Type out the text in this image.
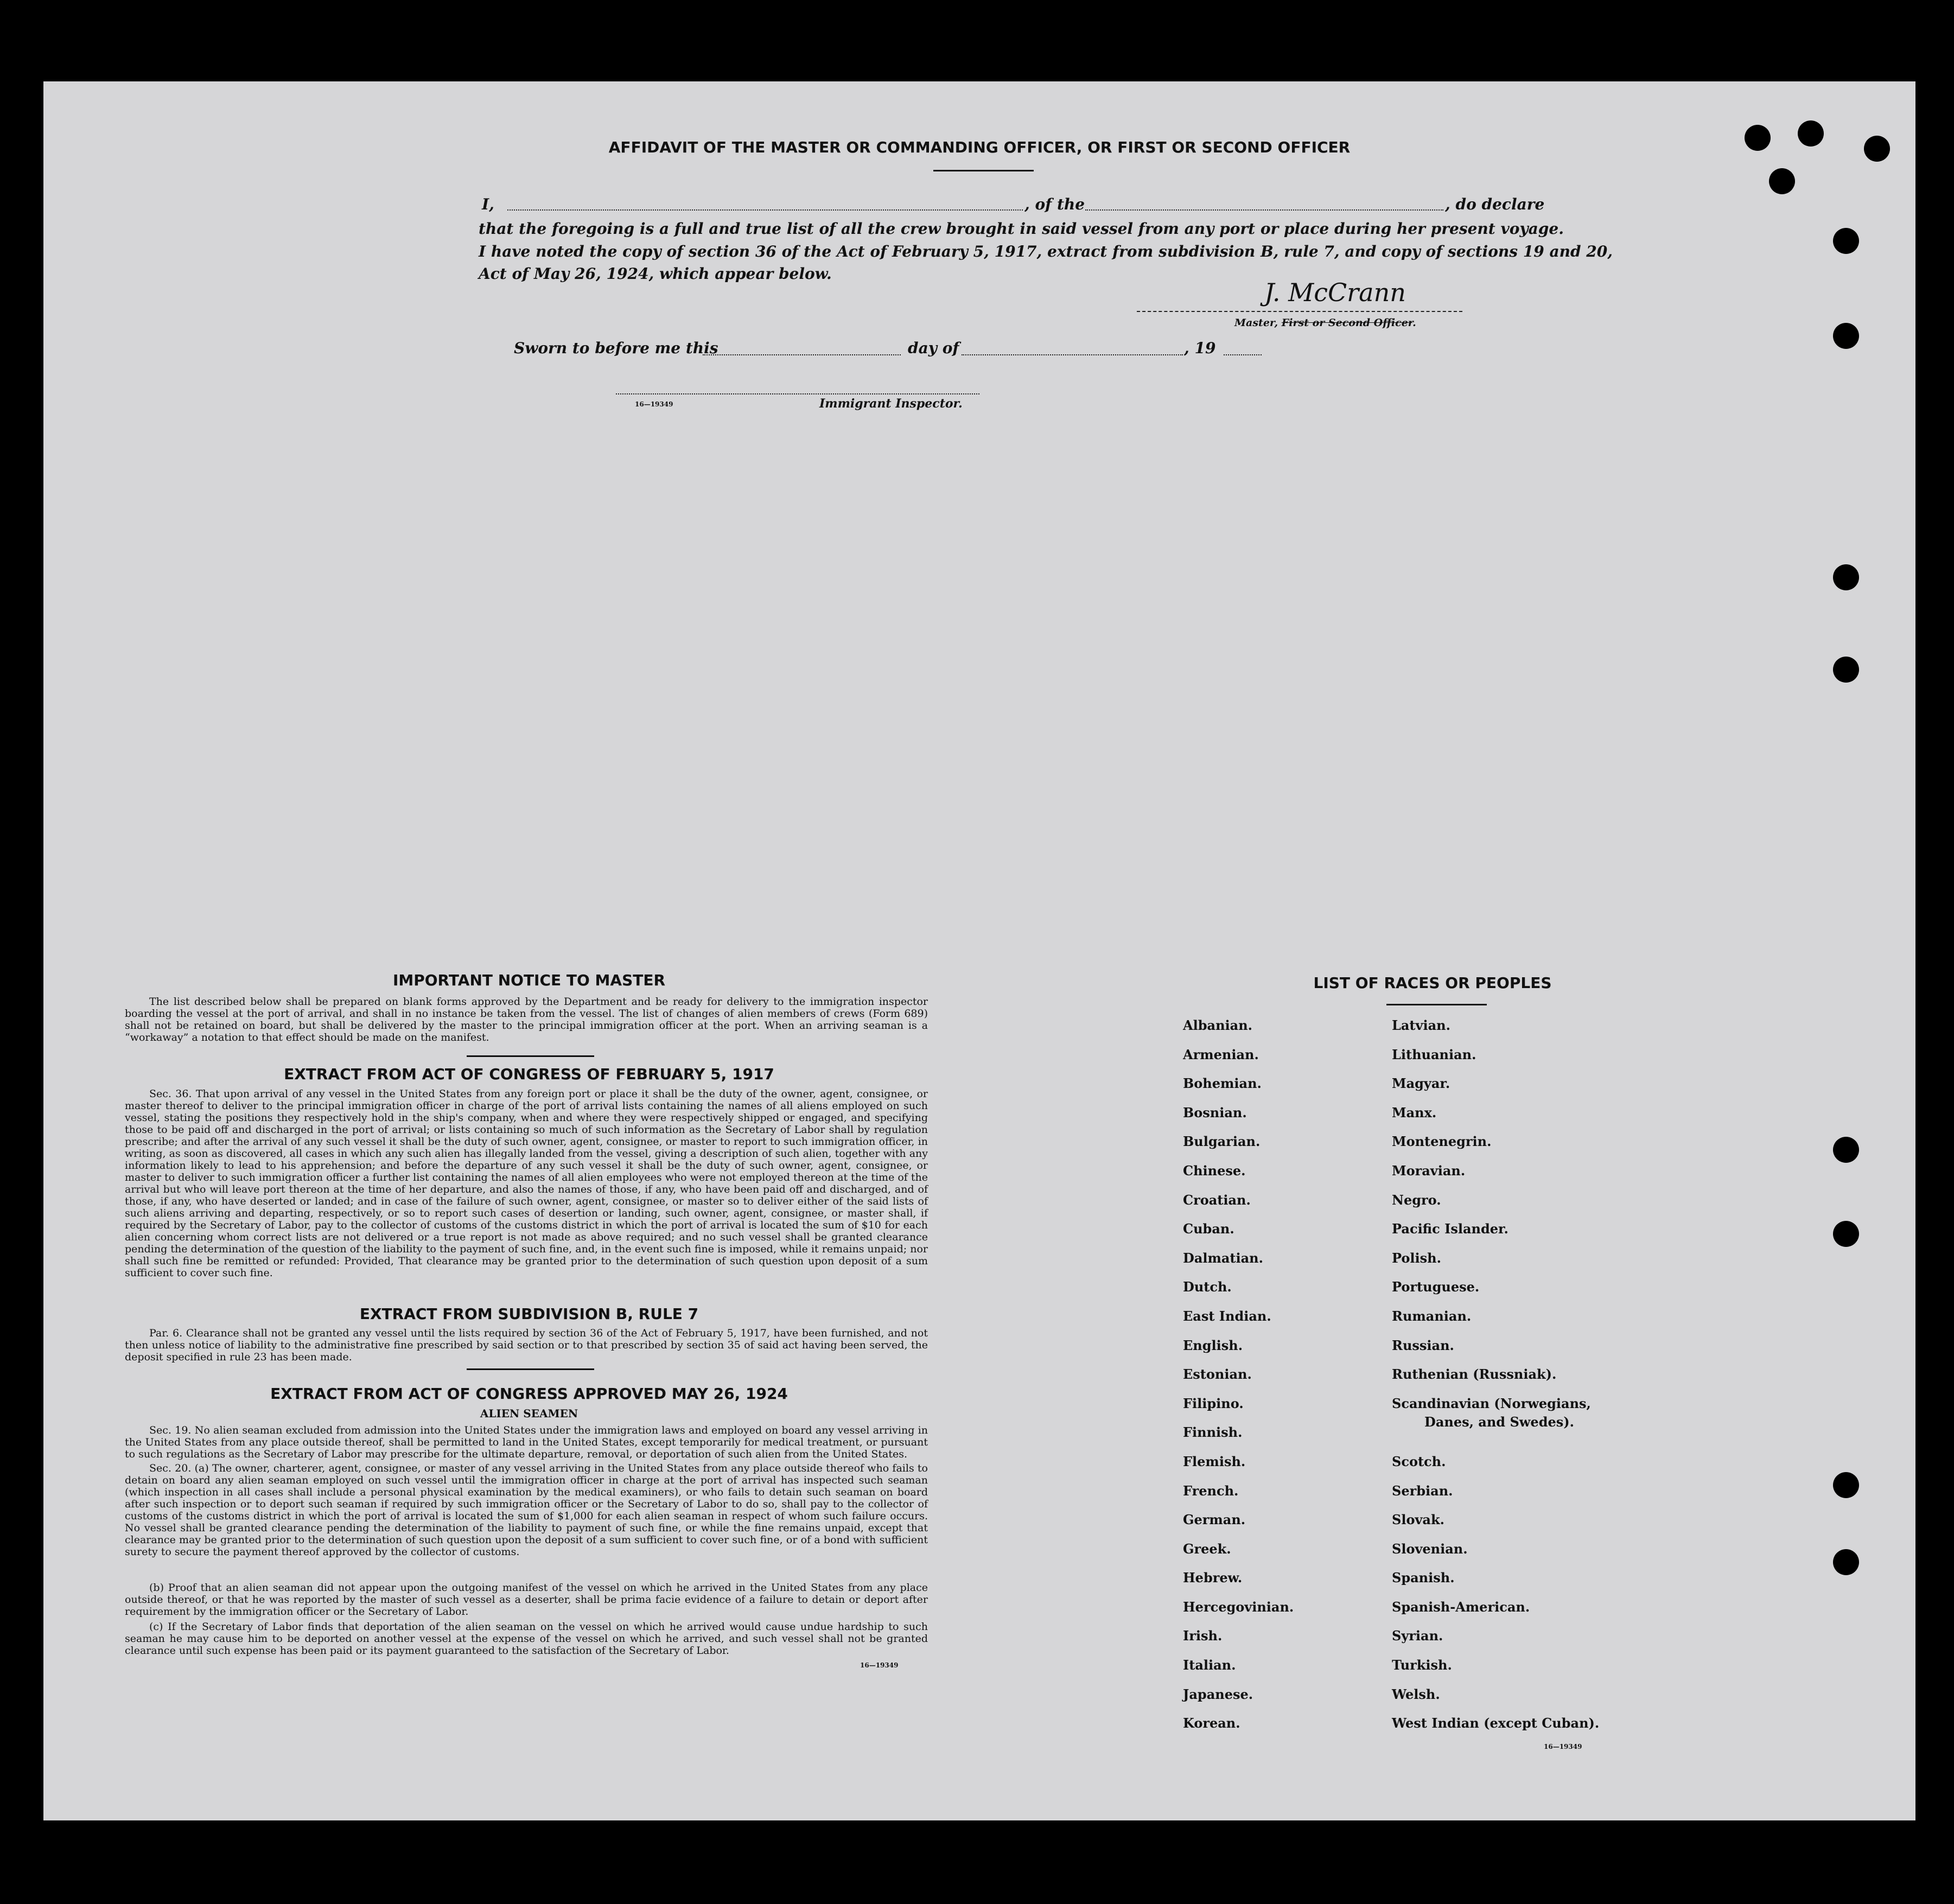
AFFIDAVIT OF THE MASTER OR COMMANDING OFFICER, OR FIRST OR SECOND OFFICER
I,	, of the	, do declare
that the foregoing is a full and true list of all the crew brought in said vessel from any port or place during her present voyage.
I have noted the copy of section 36 of the Act of February 5, 1917, extract from subdivision B, rule 7, and copy of sections 19 and 20,
Act of May 26, 1924, which appear below.
J. McCrann
Master, First or Second Officer.
Sworn to before me this	day of	, 19
16—19349	Immigrant Inspector.
IMPORTANT NOTICE TO MASTER
The list described below shall be prepared on blank forms approved by the Department and be ready for delivery to the immigration inspector boarding the vessel at the port of arrival, and shall in no instance be taken from the vessel. The list of changes of alien members of crews (Form 689) shall not be retained on board, but shall be delivered by the master to the principal immigration officer at the port. When an arriving seaman is a “workaway” a notation to that effect should be made on the manifest.
EXTRACT FROM ACT OF CONGRESS OF FEBRUARY 5, 1917
Sec. 36. That upon arrival of any vessel in the United States from any foreign port or place it shall be the duty of the owner, agent, consignee, or master thereof to deliver to the principal immigration officer in charge of the port of arrival lists containing the names of all aliens employed on such vessel, stating the positions they respectively hold in the ship's company, when and where they were respectively shipped or engaged, and specifying those to be paid off and discharged in the port of arrival; or lists containing so much of such information as the Secretary of Labor shall by regulation prescribe; and after the arrival of any such vessel it shall be the duty of such owner, agent, consignee, or master to report to such immigration officer, in writing, as soon as discovered, all cases in which any such alien has illegally landed from the vessel, giving a description of such alien, together with any information likely to lead to his apprehension; and before the departure of any such vessel it shall be the duty of such owner, agent, consignee, or master to deliver to such immigration officer a further list containing the names of all alien employees who were not employed thereon at the time of the arrival but who will leave port thereon at the time of her departure, and also the names of those, if any, who have been paid off and discharged, and of those, if any, who have deserted or landed; and in case of the failure of such owner, agent, consignee, or master so to deliver either of the said lists of such aliens arriving and departing, respectively, or so to report such cases of desertion or landing, such owner, agent, consignee, or master shall, if required by the Secretary of Labor, pay to the collector of customs of the customs district in which the port of arrival is located the sum of $10 for each alien concerning whom correct lists are not delivered or a true report is not made as above required; and no such vessel shall be granted clearance pending the determination of the question of the liability to the payment of such fine, and, in the event such fine is imposed, while it remains unpaid; nor shall such fine be remitted or refunded: Provided, That clearance may be granted prior to the determination of such question upon deposit of a sum sufficient to cover such fine.
EXTRACT FROM SUBDIVISION B, RULE 7
Par. 6. Clearance shall not be granted any vessel until the lists required by section 36 of the Act of February 5, 1917, have been furnished, and not then unless notice of liability to the administrative fine prescribed by said section or to that prescribed by section 35 of said act having been served, the deposit specified in rule 23 has been made.
EXTRACT FROM ACT OF CONGRESS APPROVED MAY 26, 1924
ALIEN SEAMEN
Sec. 19. No alien seaman excluded from admission into the United States under the immigration laws and employed on board any vessel arriving in the United States from any place outside thereof, shall be permitted to land in the United States, except temporarily for medical treatment, or pursuant to such regulations as the Secretary of Labor may prescribe for the ultimate departure, removal, or deportation of such alien from the United States.
Sec. 20. (a) The owner, charterer, agent, consignee, or master of any vessel arriving in the United States from any place outside thereof who fails to detain on board any alien seaman employed on such vessel until the immigration officer in charge at the port of arrival has inspected such seaman (which inspection in all cases shall include a personal physical examination by the medical examiners), or who fails to detain such seaman on board after such inspection or to deport such seaman if required by such immigration officer or the Secretary of Labor to do so, shall pay to the collector of customs of the customs district in which the port of arrival is located the sum of $1,000 for each alien seaman in respect of whom such failure occurs. No vessel shall be granted clearance pending the determination of the liability to payment of such fine, or while the fine remains unpaid, except that clearance may be granted prior to the determination of such question upon the deposit of a sum sufficient to cover such fine, or of a bond with sufficient surety to secure the payment thereof approved by the collector of customs.
(b) Proof that an alien seaman did not appear upon the outgoing manifest of the vessel on which he arrived in the United States from any place outside thereof, or that he was reported by the master of such vessel as a deserter, shall be prima facie evidence of a failure to detain or deport after requirement by the immigration officer or the Secretary of Labor.
(c) If the Secretary of Labor finds that deportation of the alien seaman on the vessel on which he arrived would cause undue hardship to such seaman he may cause him to be deported on another vessel at the expense of the vessel on which he arrived, and such vessel shall not be granted clearance until such expense has been paid or its payment guaranteed to the satisfaction of the Secretary of Labor.
16—19349
LIST OF RACES OR PEOPLES
Albanian.
Armenian.
Bohemian.
Bosnian.
Bulgarian.
Chinese.
Croatian.
Cuban.
Dalmatian.
Dutch.
East Indian.
English.
Estonian.
Filipino.
Finnish.
Flemish.
French.
German.
Greek.
Hebrew.
Hercegovinian.
Irish.
Italian.
Japanese.
Korean.
Latvian.
Lithuanian.
Magyar.
Manx.
Montenegrin.
Moravian.
Negro.
Pacific Islander.
Polish.
Portuguese.
Rumanian.
Russian.
Ruthenian (Russniak).
Scandinavian (Norwegians,
Danes, and Swedes).
Scotch.
Serbian.
Slovak.
Slovenian.
Spanish.
Spanish-American.
Syrian.
Turkish.
Welsh.
West Indian (except Cuban).
16—19349
